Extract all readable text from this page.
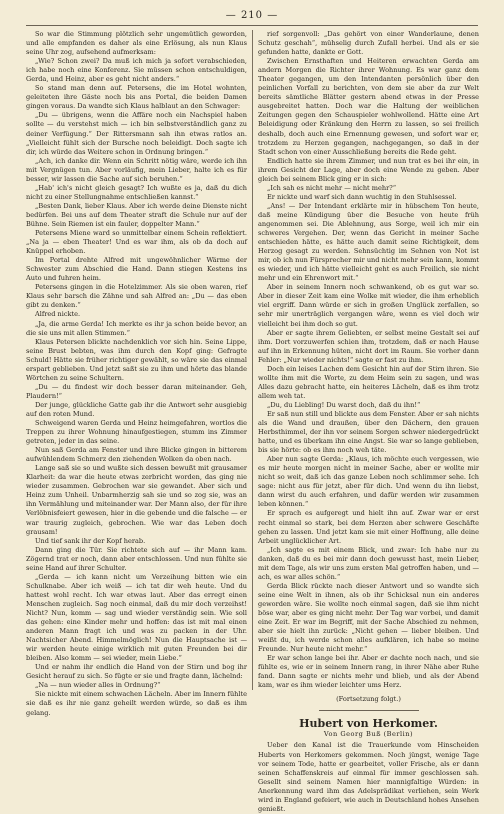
— 210 —

So war die Stimmung plötzlich sehr ungemütlich geworden, und alle empfanden es daher als eine Erlösung, als nun Klaus seine Uhr zog, aufsehend aufmerksam:

„Wie? Schon zwei? Da muß ich mich ja sofort verabschieden, ich habe noch eine Konferenz. Sie müssen schon entschuldigen, Gerda, und Heinz, aber es geht nicht anders.“

So stand man denn auf. Petersens, die im Hotel wohnten, geleiteten ihre Gäste noch bis ans Portal, die beiden Damen gingen voraus. Da wandte sich Klaus halblaut an den Schwager:

„Du — übrigens, wenn die Affäre noch ein Nachspiel haben sollte — du verstehst mich — ich bin selbstverständlich ganz zu deiner Verfügung.“ Der Rittersmann sah ihn etwas ratlos an. „Vielleicht fühlt sich der Bursche noch beleidigt. Doch sagte ich dir, ich würde das Weitere schon in Ordnung bringen.“

„Ach, ich danke dir. Wenn ein Schritt nötig wäre, werde ich ihn mit Vergnügen tun. Aber vorläufig, mein Lieber, halte ich es für besser, wir lassen die Sache auf sich beruhen.“

„Hab' ich's nicht gleich gesagt? Ich wußte es ja, daß du dich nicht zu einer Stellungnahme entschließen kannst.“

„Besten Dank, lieber Klaus. Aber ich werde deine Dienste nicht bedürfen. Bei uns auf dem Theater straft die Schule nur auf der Bühne. Sein Riemen ist ein fauler, doppelter Mann.“

Petersens Miene ward so unmittelbar einem Schein reflektiert. „Na ja — eben Theater! Und es war ihm, als ob da doch auf Knüppel erhoben.

Im Portal drehte Alfred mit ungewöhnlicher Wärme der Schwester zum Abschied die Hand. Dann stiegen Kestens ins Auto und fuhren heim.

Petersens gingen in die Hotelzimmer. Als sie oben waren, rief Klaus sehr barsch die Zähne und sah Alfred an: „Du — das eben gibt zu denken.“

Alfred nickte.

„Ja, die arme Gerda! Ich merkte es ihr ja schon beide bevor, an die sie uns mit allen Stimmen.“

Klaus Petersen blickte nachdenklich vor sich hin. Seine Lippe, seine Brust bebten, was ihm durch den Kopf ging: Gefragte Schuld! Hätte sie früher richtiger gewählt, so wäre sie das einmal erspart geblieben. Und jetzt saßt sie zu ihm und hörte das blande Wörtchen zu seine Schultern.

„Du — du findest wir doch besser daran miteinander. Geh, Plaudern!“

Der junge, glückliche Gatte gab ihr die Antwort sehr ausgiebig auf den roten Mund.

Schweigend waren Gerda und Heinz heimgefahren, wortlos die Treppen zu ihrer Wohnung hinaufgestiegen, stumm ins Zimmer getreten, jeder in das seine.

Nun saß Gerda am Fenster und ihre Blicke gingen in bitterem aufwühlendem Schmerz den ziehenden Wolken da oben nach.

Lange saß sie so und wußte sich dessen bewußt mit grausamer Klarheit: da war die heute etwas zerbricht worden, das ging nie wieder zusammen. Gebrochen war sie gewandet. Aber sich und Heinz zum Unheil. Unbarmherzig sah sie und so zog sie, was an ihn Vermählung und miteinander war. Der Mann also, der für ihre Verlöbnisfeiert gewesen, hier in die gebende und die falsche — er war traurig zugleich, gebrochen. Wie war das Leben doch grausam!

Und tief sank ihr der Kopf herab.

Dann ging die Tür. Sie richtete sich auf — ihr Mann kam. Zögernd trat er noch, dann aber entschlossen. Und nun fühlte sie seine Hand auf ihrer Schulter.

„Gerda — ich kann nicht um Verzeihung bitten wie ein Schulknabe. Aber ich weiß — ich tat dir weh heute. Und du hattest wohl recht. Ich war etwas laut. Aber das erregt einen Menschen zugleich. Sag noch einmal, daß du mir doch verzeihst! Nicht? Nun, komm — sag und wieder verständig sein. Wie soll das gehen: eine Kinder mehr und hoffen: das ist mit mal einen anderen Mann fragt ich und was zu packen in der Uhr. Nachtsicher Abend. Himmelmöglich! Nun die Hauptsache ist — wir werden heute einige wirklich mit guten Freunden bei dir bleiben. Also komm — sei wieder, mein Liebe.“

Und er nahm ihr endlich die Hand von der Stirn und bog ihr Gesicht herauf zu sich. So fügte er sie und fragte dann, lächelnd:

„Na — nun wieder alles in Ordnung?“

Sie nickte mit einem schwachen Lächeln. Aber im Innern fühlte sie daß es ihr nie ganz geheilt werden würde, so daß es ihm gelang.

rief sorgenvoll: „Das gehört von einer Wanderlaune, denen Schutz geschah“, mühselig durch Zufall herbei. Und als er sie gefunden hatte, dankte er Gott.

Zwischen Ernsthaften und Heiteren erwachten Gerda am andern Morgen die Richter ihrer Wohnung. Es war ganz dem Theater gegangen, um den Intendanten persönlich über den peinlichen Vorfall zu berichten, von dem sie aber da zur Welt bereits sämtliche Blätter gestern abend etwas in der Presse ausgebreitet hatten. Doch war die Haltung der weiblichen Zeitungen gegen den Schauspieler wohlwollend. Hätte eine Art Beleidigung oder Kränkung den Herrn zu lassen, so sei freilich deshalb, doch auch eine Ernennung gewesen, und sofort war er, trotzdem zu Herzen gegangen, nachgegangen, so daß in der Stadt schon von einer Ausschließung bereits die Rede geht.

Endlich hatte sie ihrem Zimmer, und nun trat es bei ihr ein, in ihrem Gesicht der Lage, aber doch eine Wende zu geben. Aber gleich bei seinem Blick ging er in sich:

„Ich sah es nicht mehr — nicht mehr?“

Er nickte und warf sich dann wuchtig in den Stuhlsessel.

„Ans! — Der Intendant erklärte mir in hübschem Ton heute, daß meine Kündigung über die Besuche von heute früh angenommen sei. Die Ablehnung, aus Sorge, weil ich mir ein schweres Vergehen. Der, wenn das Gericht in meiner Sache entschieden hätte, es hätte auch damit seine Richtigkeit, dem Herzog gesagt zu werden. Sehnsüchtig im Sehnen von Not ist mir, ob ich nun Fürsprecher mir und nicht mehr sein kann, kommt es wieder, und ich hätte vielleicht geht es auch Freilich, sie nicht mehr und ein Ehrenwort mit.“

Aber in seinem Innern noch schwankend, ob es gut war so. Aber in dieser Zeit kam eine Wolke mit wieder, die ihm erheblich viel ergriff. Dann würde er sich in großen Unglück zerfallen, so sehr mir unerträglich vergangen wäre, wenn es viel doch wir vielleicht bei ihm doch so gut.

Aber er sagte ihrem Geliebten, er selbst meine Gestalt sei auf ihm. Dort vorzuwerfen schien ihm, trotzdem, daß er nach Hause auf ihn in Erkennung hüten, nicht dort im Raum. Sie vorher dann Fehler: „Nur wieder nichts!“ sagte er fast zu ihm.

Doch ein leises Lachen dem Gesicht hin auf der Stirn ihren. Sie wollte ihm mit die Worte, zu dem Heim sein zu sagen, und was Alles dazu gebracht hatte, ein heiteres Lächeln, daß es ihm trotz allem weh tat.

„Du, du Liebling! Du warst doch, daß du ihn!“

Er saß nun still und blickte aus dem Fenster. Aber er sah nichts als die Wand und draußen, über den Dächern, den grauen Herbsthimmel, der ihn vor seinem Sorgen schwer niedergedrückt hatte, und es überkam ihn eine Angst. Sie war so lange geblieben, bis sie hörte: ob es ihm noch weh täte.

Aber nun sagte Gerda: „Klaus, ich möchte euch vergessen, wie es mir heute morgen nicht in meiner Sache, aber er wollte mir nicht so weit, daß ich das ganze Leben noch schlimmer sehe. Ich sage: nicht aus für jetzt, aber für dich. Und wenn du ihn liebst, dann wirst du auch erfahren, und dafür werden wir zusammen leben können.“

Er sprach es aufgeregt und hielt ihn auf. Zwar war er erst recht einmal so stark, bei dem Herzen aber schwere Geschäfte gehen zu lassen. Und jetzt kam sie mit einer Hoffnung, alle deine Arbeit unglücklicher Art.

„Ich sagte es mit einem Blick, und zwar: Ich habe nur zu danken, daß du es bei mir dann doch gewusst hast, mein Lieber, mit dem Tage, als wir uns zum ersten Mal getroffen haben, und — ach, es war alles schön.“

Gerda Blick rückte nach dieser Antwort und so wandte sich seine eine Welt in ihnen, als ob ihr Schicksal nun ein anderes geworden wäre. Sie wollte noch einmal sagen, daß sie ihm nicht böse war, aber es ging nicht mehr. Der Tag war vorbei, und damit eine Zeit. Er war im Begriff, mit der Sache Abschied zu nehmen, aber sie hielt ihn zurück: „Nicht gehen — lieber bleiben. Und weißt du, ich werde schon alles aufklären, ich habe so meine Freunde. Nur heute nicht mehr.“

Er war schon lange bei ihr. Aber er dachte noch nach, und sie fühlte es, wie er in seinem Innern rang, in ihrer Nähe aber Ruhe fand. Dann sagte er nichts mehr und blieb, und als der Abend kam, war es ihm wieder leichter ums Herz.

(Fortsetzung folgt.)

Hubert von Herkomer.
Von Georg Buß (Berlin)

Ueber den Kanal ist die Trauerkunde vom Hinscheiden Huberts von Herkomers gekommen. Noch jüngst, wenige Tage vor seinem Tode, hatte er gearbeitet, voller Frische, als er dann seinen Schaffenskreis auf einmal für immer geschlossen sah. Gesellt sind seinem Namen hier mannigfaltige Würden: in Anerkennung ward ihm das Adelsprädikat verliehen, sein Werk wird in England gefeiert, wie auch in Deutschland hohes Ansehen genießt.
